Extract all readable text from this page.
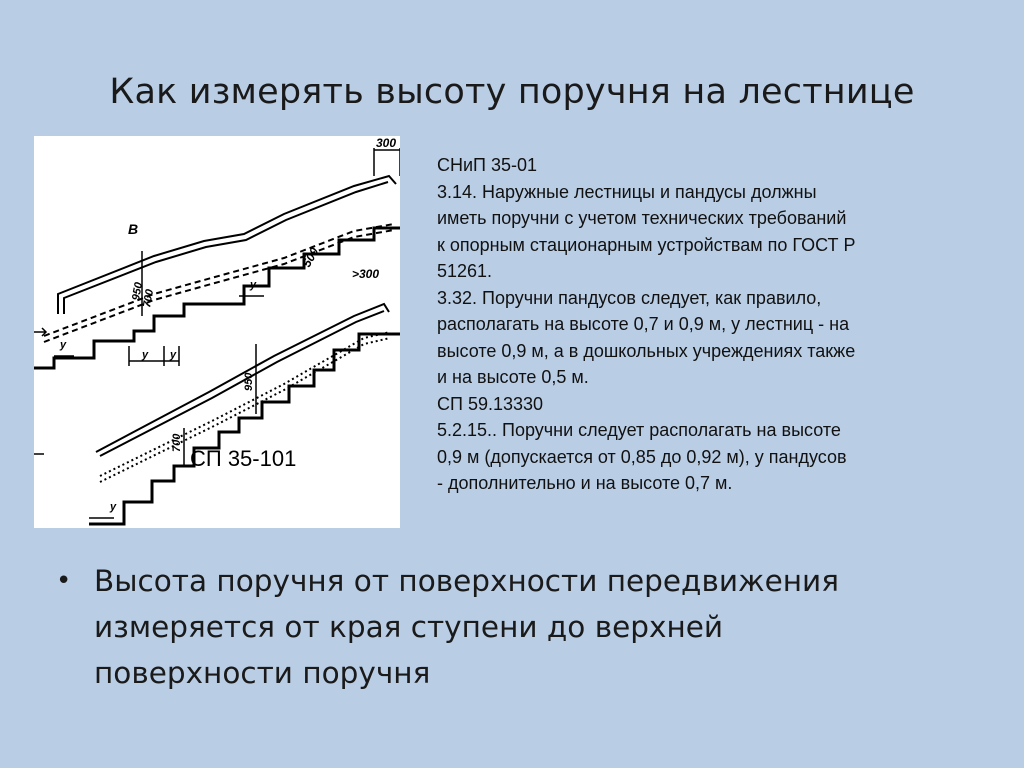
Как измерять высоту поручня на лестнице
300
>300
500
950
700
950
700
В
y
y y
y
y
СП 35-101
СНиП 35-01
3.14. Наружные лестницы и пандусы должны
иметь поручни с учетом технических требований
к опорным стационарным устройствам по ГОСТ Р
51261.
3.32. Поручни пандусов следует, как правило,
располагать на высоте 0,7 и 0,9 м, у лестниц - на
высоте 0,9 м, а в дошкольных учреждениях также
и на высоте 0,5 м.
СП 59.13330
5.2.15.. Поручни следует располагать на высоте
0,9 м (допускается от 0,85 до 0,92 м), у пандусов
- дополнительно и на высоте 0,7 м.
• Высота поручня от поверхности передвижения
измеряется от края ступени до верхней
поверхности поручня
